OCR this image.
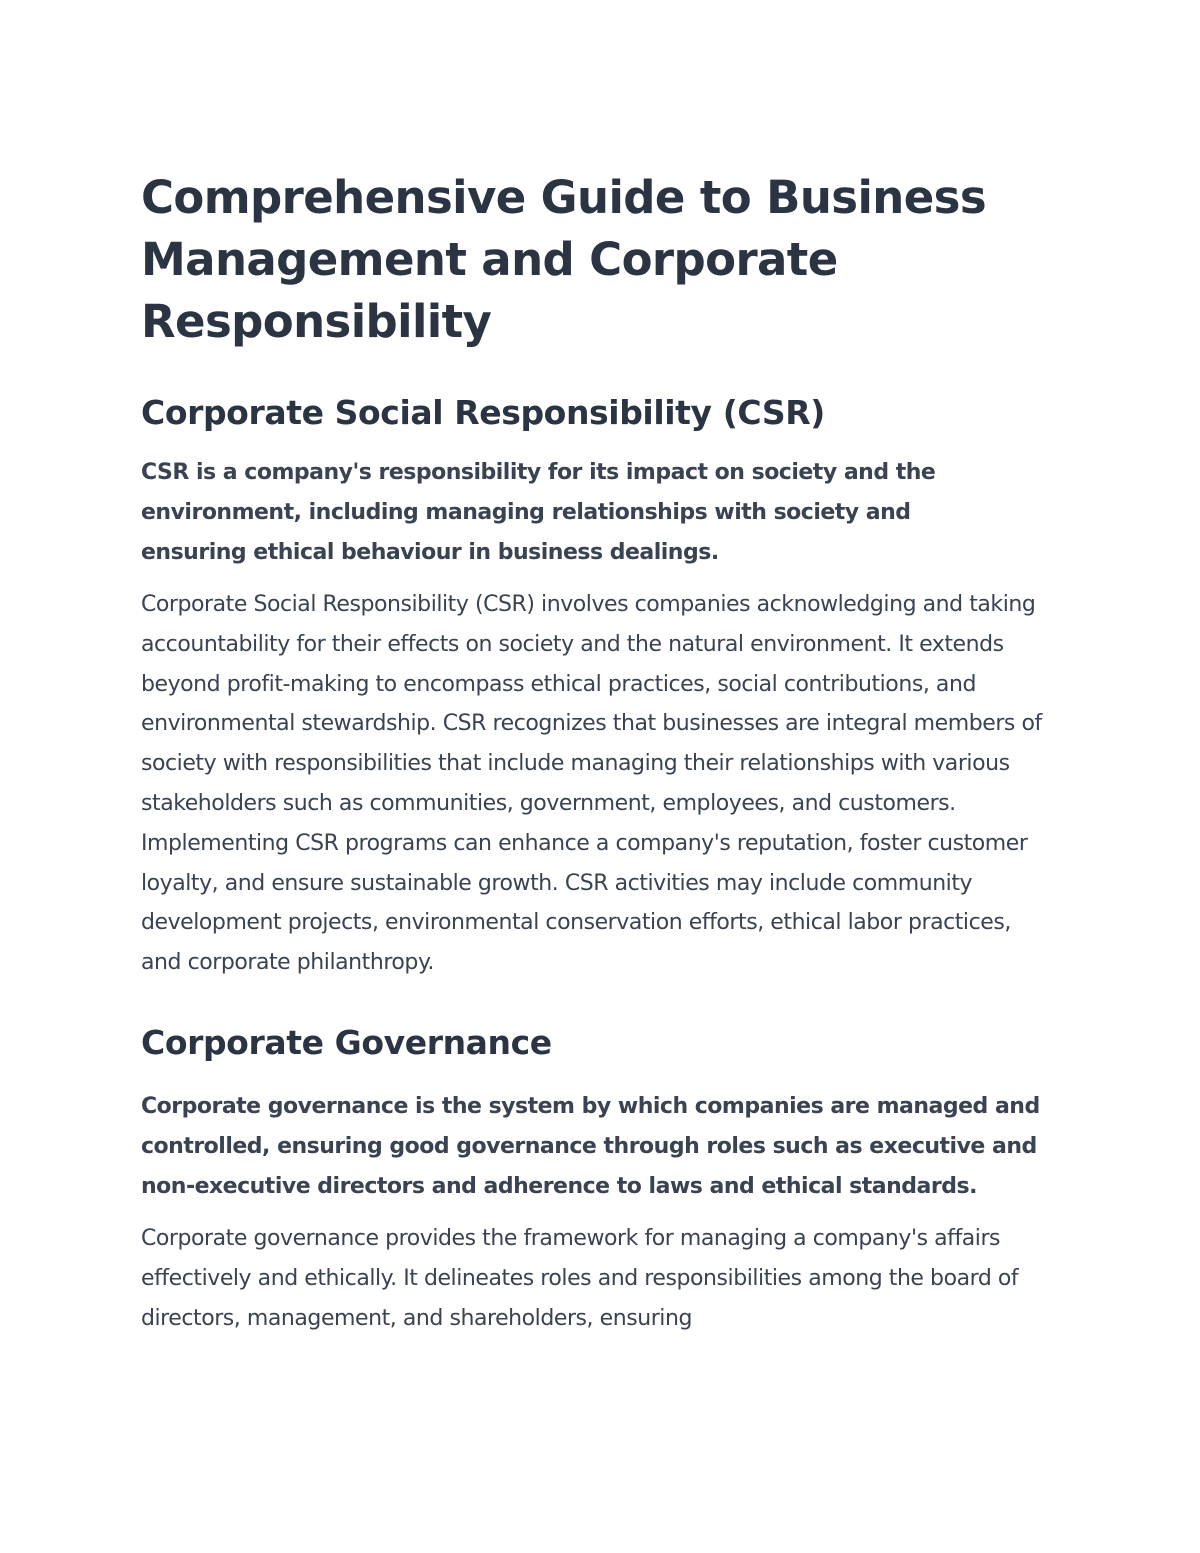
Comprehensive Guide to Business Management and Corporate Responsibility
Corporate Social Responsibility (CSR)

CSR is a company's responsibility for its impact on society and the environment, including managing relationships with society and ensuring ethical behaviour in business dealings.

Corporate Social Responsibility (CSR) involves companies acknowledging and taking accountability for their effects on society and the natural environment. It extends beyond profit-making to encompass ethical practices, social contributions, and environmental stewardship. CSR recognizes that businesses are integral members of society with responsibilities that include managing their relationships with various stakeholders such as communities, government, employees, and customers. Implementing CSR programs can enhance a company's reputation, foster customer loyalty, and ensure sustainable growth. CSR activities may include community development projects, environmental conservation efforts, ethical labor practices, and corporate philanthropy.

Corporate Governance

Corporate governance is the system by which companies are managed and controlled, ensuring good governance through roles such as executive and non-executive directors and adherence to laws and ethical standards.

Corporate governance provides the framework for managing a company's affairs effectively and ethically. It delineates roles and responsibilities among the board of directors, management, and shareholders, ensuring
